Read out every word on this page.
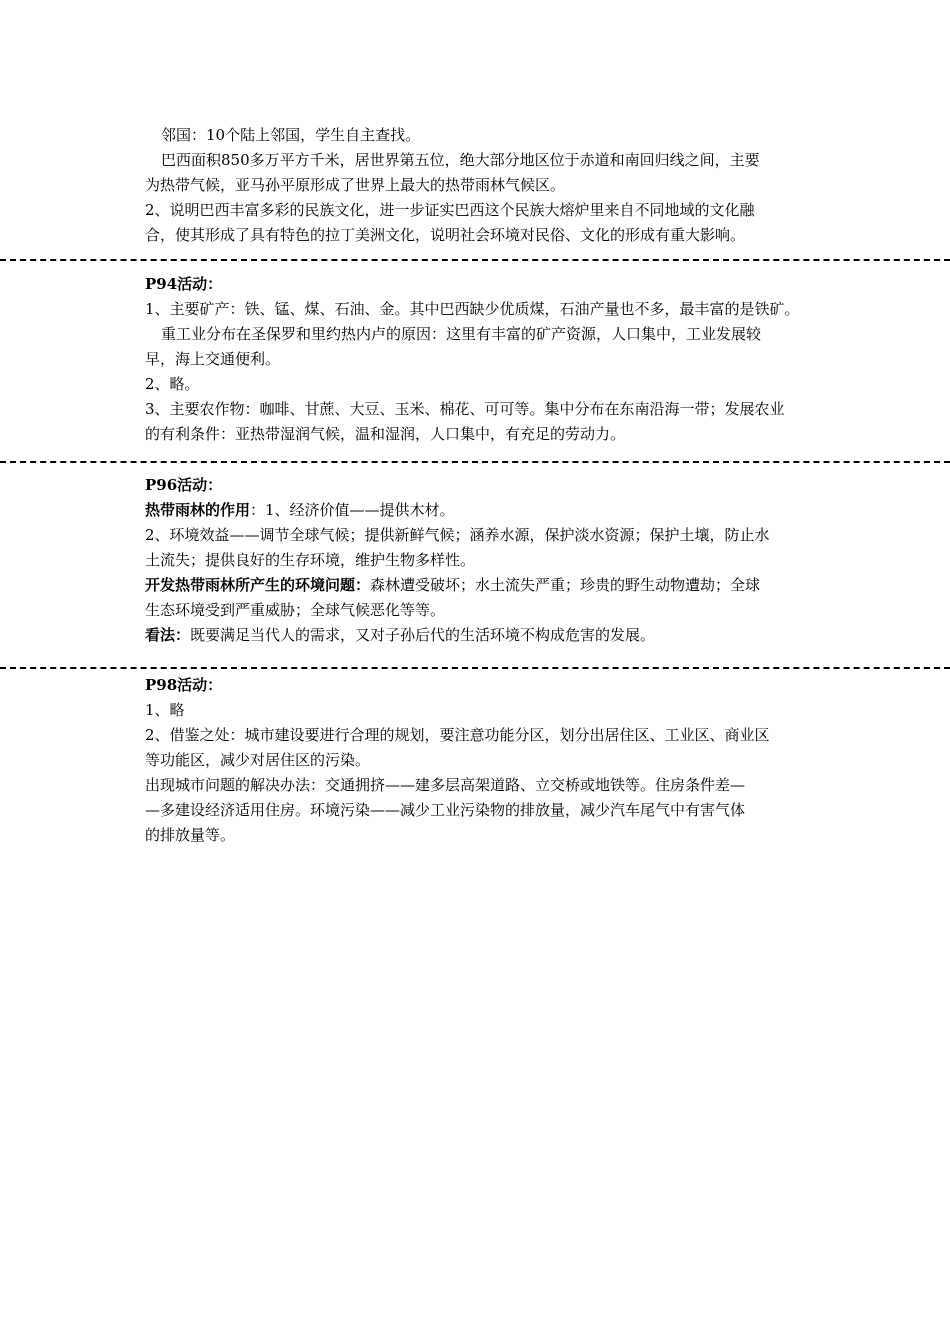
邻国：10个陆上邻国，学生自主查找。
巴西面积850多万平方千米，居世界第五位，绝大部分地区位于赤道和南回归线之间，主要
为热带气候，亚马孙平原形成了世界上最大的热带雨林气候区。
2、说明巴西丰富多彩的民族文化，进一步证实巴西这个民族大熔炉里来自不同地域的文化融
合，使其形成了具有特色的拉丁美洲文化，说明社会环境对民俗、文化的形成有重大影响。
P94活动：
1、主要矿产：铁、锰、煤、石油、金。其中巴西缺少优质煤，石油产量也不多，最丰富的是铁矿。
重工业分布在圣保罗和里约热内卢的原因：这里有丰富的矿产资源，人口集中，工业发展较
早，海上交通便利。
2、略。
3、主要农作物：咖啡、甘蔗、大豆、玉米、棉花、可可等。集中分布在东南沿海一带；发展农业
的有利条件：亚热带湿润气候，温和湿润，人口集中，有充足的劳动力。
P96活动：
热带雨林的作用：1、经济价值——提供木材。
2、环境效益——调节全球气候；提供新鲜气候；涵养水源，保护淡水资源；保护土壤，防止水
土流失；提供良好的生存环境，维护生物多样性。
开发热带雨林所产生的环境问题：森林遭受破坏；水土流失严重；珍贵的野生动物遭劫；全球
生态环境受到严重威胁；全球气候恶化等等。
看法：既要满足当代人的需求，又对子孙后代的生活环境不构成危害的发展。
P98活动：
1、略
2、借鉴之处：城市建设要进行合理的规划，要注意功能分区，划分出居住区、工业区、商业区
等功能区，减少对居住区的污染。
出现城市问题的解决办法：交通拥挤——建多层高架道路、立交桥或地铁等。住房条件差—
—多建设经济适用住房。环境污染——减少工业污染物的排放量，减少汽车尾气中有害气体
的排放量等。
